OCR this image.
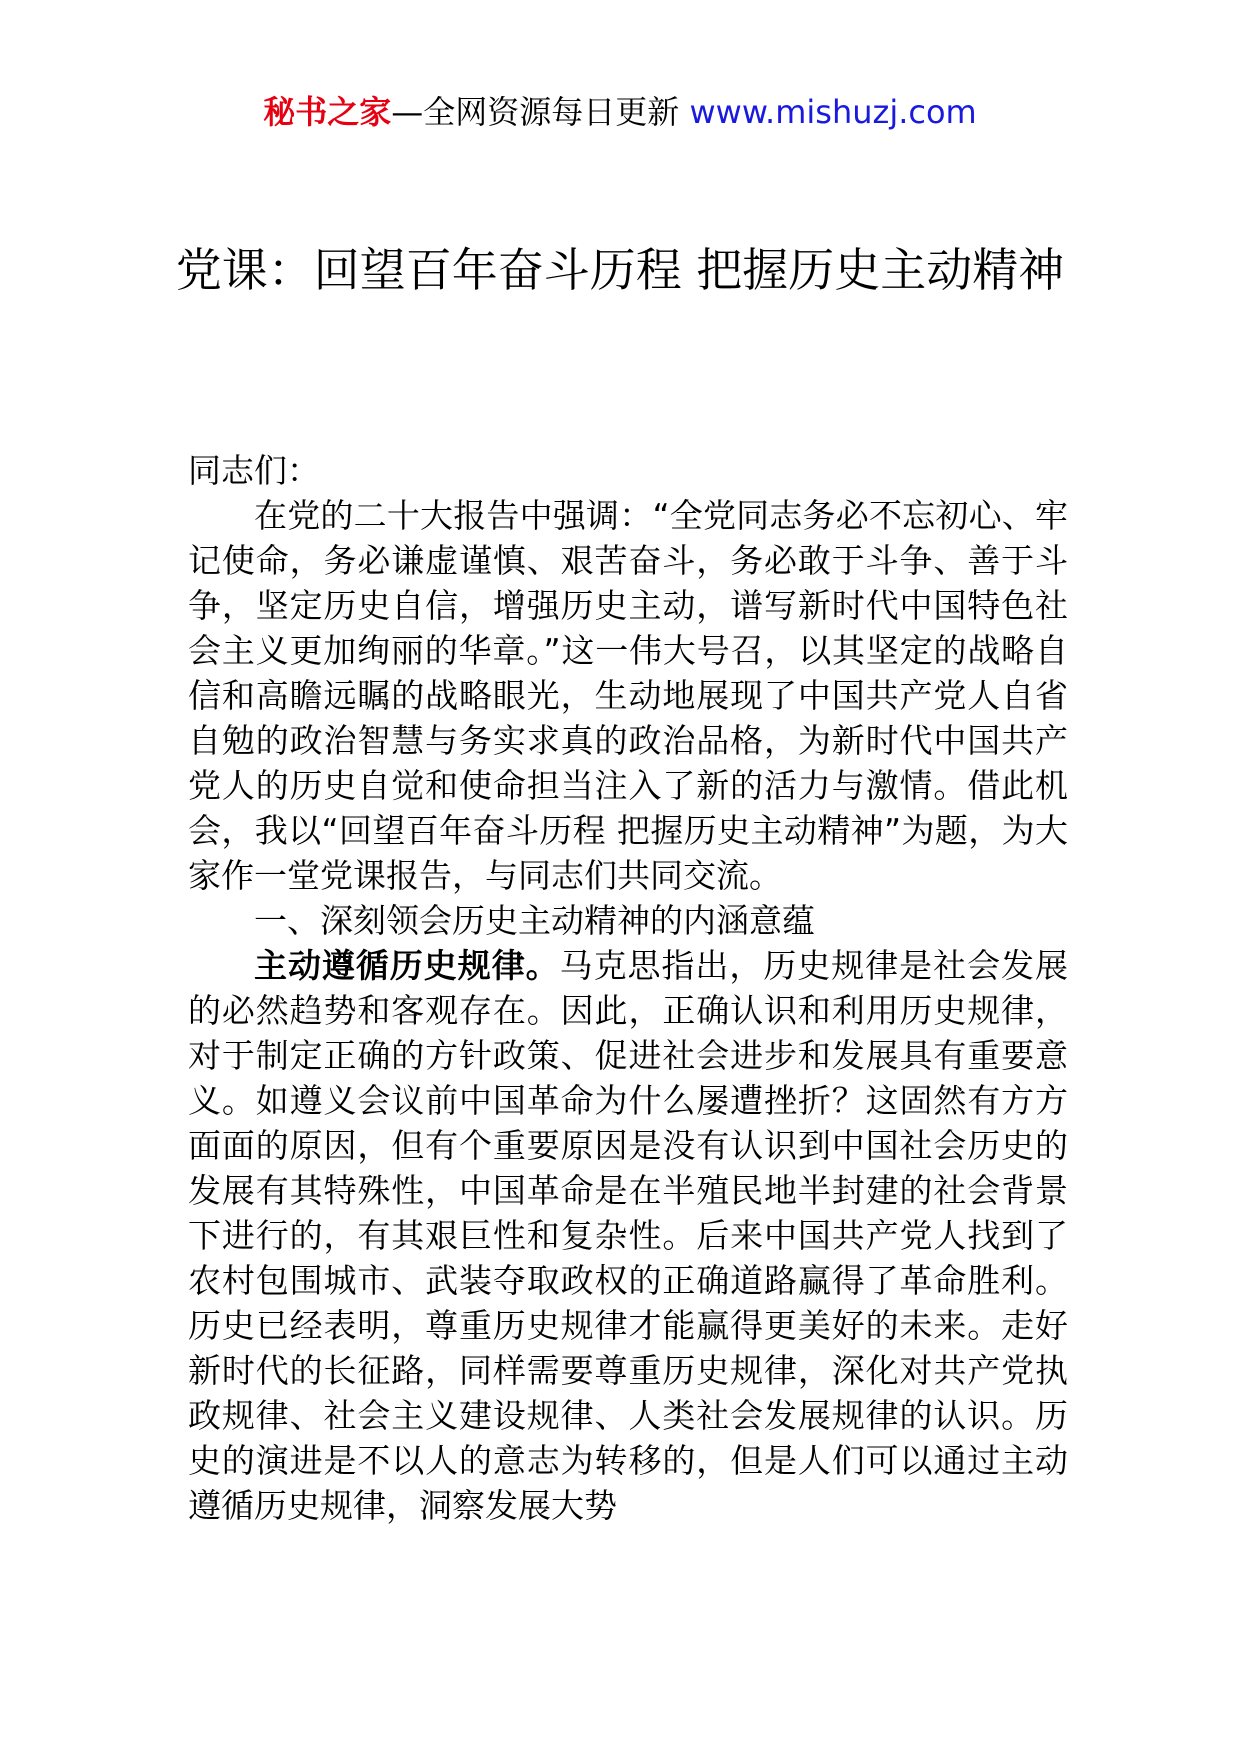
秘书之家—全网资源每日更新 www.mishuzj.com
党课：回望百年奋斗历程 把握历史主动精神

同志们：

在党的二十大报告中强调：“全党同志务必不忘初心、牢记使命，务必谦虚谨慎、艰苦奋斗，务必敢于斗争、善于斗争，坚定历史自信，增强历史主动，谱写新时代中国特色社会主义更加绚丽的华章。”这一伟大号召，以其坚定的战略自信和高瞻远瞩的战略眼光，生动地展现了中国共产党人自省自勉的政治智慧与务实求真的政治品格，为新时代中国共产党人的历史自觉和使命担当注入了新的活力与激情。借此机会，我以“回望百年奋斗历程 把握历史主动精神”为题，为大家作一堂党课报告，与同志们共同交流。

一、深刻领会历史主动精神的内涵意蕴

主动遵循历史规律。马克思指出，历史规律是社会发展的必然趋势和客观存在。因此，正确认识和利用历史规律，对于制定正确的方针政策、促进社会进步和发展具有重要意义。如遵义会议前中国革命为什么屡遭挫折？这固然有方方面面的原因，但有个重要原因是没有认识到中国社会历史的发展有其特殊性，中国革命是在半殖民地半封建的社会背景下进行的，有其艰巨性和复杂性。后来中国共产党人找到了农村包围城市、武装夺取政权的正确道路赢得了革命胜利。历史已经表明，尊重历史规律才能赢得更美好的未来。走好新时代的长征路，同样需要尊重历史规律，深化对共产党执政规律、社会主义建设规律、人类社会发展规律的认识。历史的演进是不以人的意志为转移的，但是人们可以通过主动遵循历史规律，洞察发展大势
